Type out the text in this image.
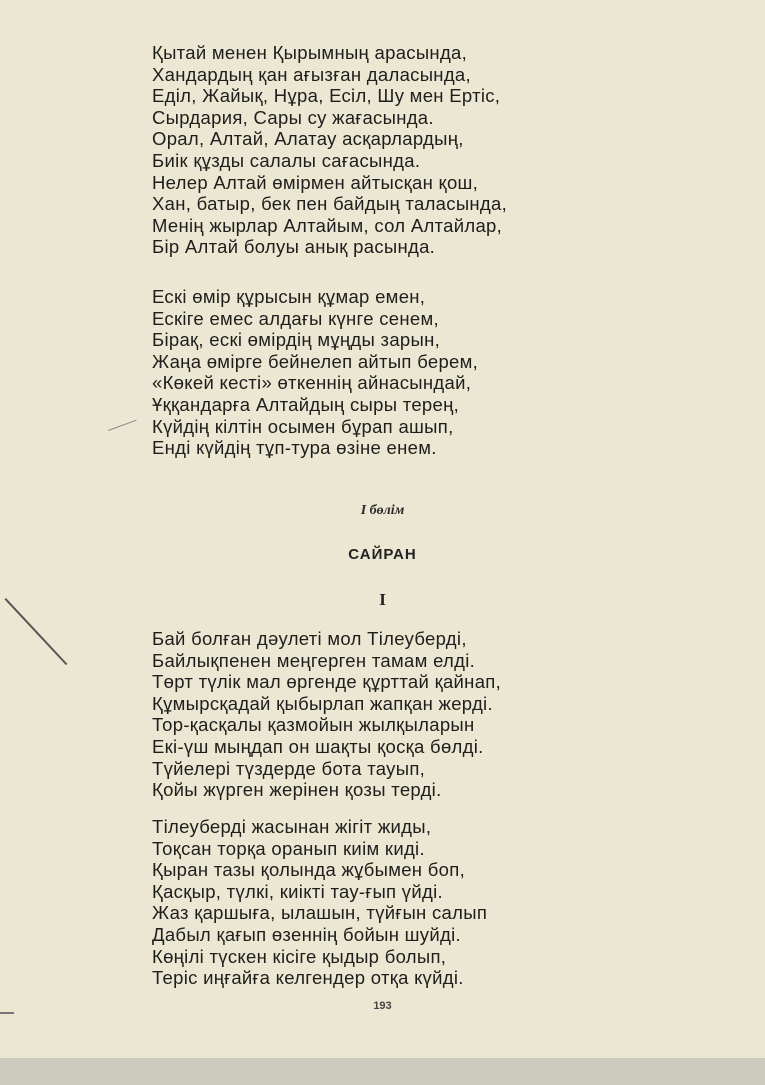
Қытай менен Қырымның арасында,
Хандардың қан ағызған даласында,
Еділ, Жайық, Нұра, Есіл, Шу мен Ертіс,
Сырдария, Сары су жағасында.
Орал, Алтай, Алатау асқарлардың,
Биік құзды салалы сағасында.
Нелер Алтай өмірмен айтысқан қош,
Хан, батыр, бек пен байдың таласында,
Менің жырлар Алтайым, сол Алтайлар,
Бір Алтай болуы анық расында.
Ескі өмір құрысын құмар емен,
Ескіге емес алдағы күнге сенем,
Бірақ, ескі өмірдің мұңды зарын,
Жаңа өмірге бейнелеп айтып берем,
«Көкей кесті» өткеннің айнасындай,
Ұққандарға Алтайдың сыры терең,
Күйдің кілтін осымен бұрап ашып,
Енді күйдің тұп-тура өзіне енем.
I бөлім
САЙРАН
I
Бай болған дәулеті мол Тілеуберді,
Байлықпенен меңгерген тамам елді.
Төрт түлік мал өргенде құрттай қайнап,
Құмырсқадай қыбырлап жапқан жерді.
Тор-қасқалы қазмойын жылқыларын
Екі-үш мыңдап он шақты қосқа бөлді.
Түйелері түздерде бота тауып,
Қойы жүрген жерінен қозы терді.
Тілеуберді жасынан жігіт жиды,
Тоқсан торқа оранып киім киді.
Қыран тазы қолында жұбымен боп,
Қасқыр, түлкі, киікті тау-ғып үйді.
Жаз қаршыға, ылашын, түйғын салып
Дабыл қағып өзеннің бойын шуйді.
Көңілі түскен кісіге қыдыр болып,
Теріс иңғайға келгендер отқа күйді.
193
